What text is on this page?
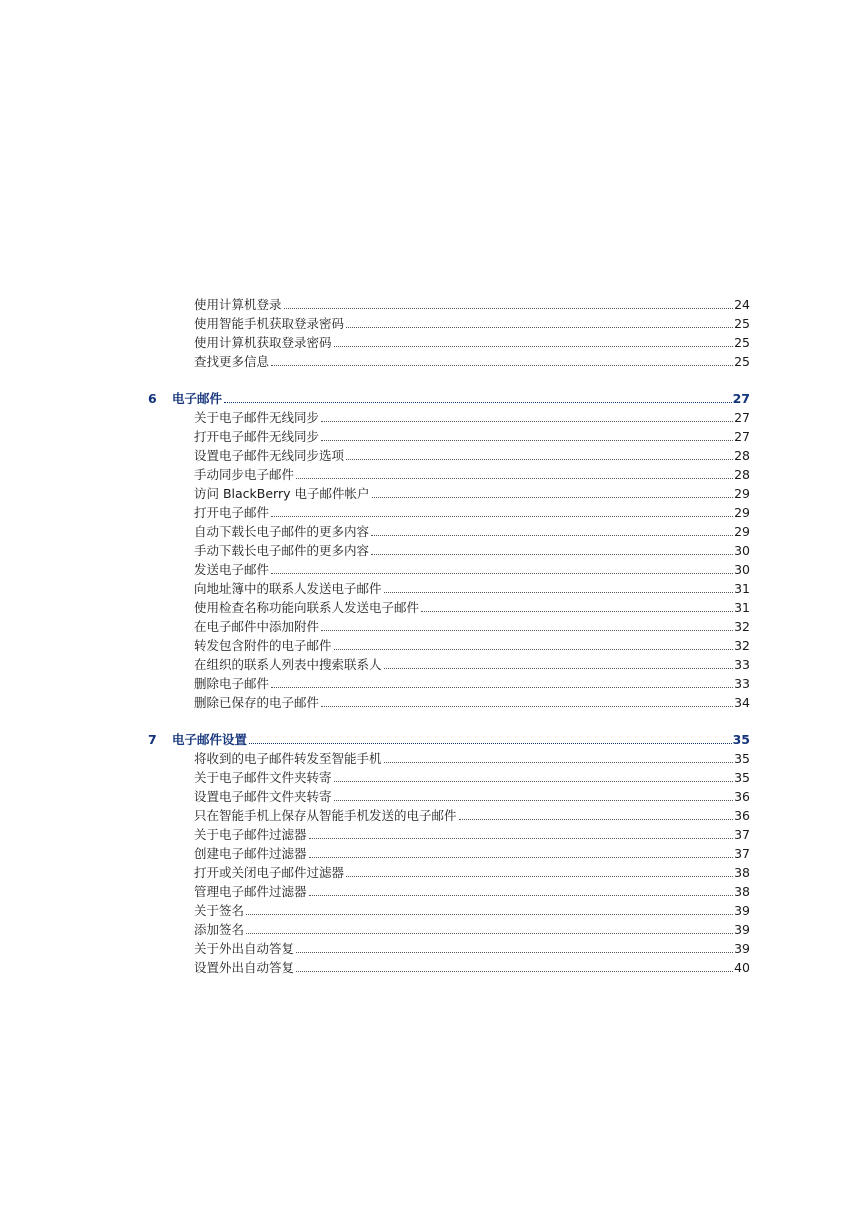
使用计算机登录	24
使用智能手机获取登录密码	25
使用计算机获取登录密码	25
查找更多信息	25
6	电子邮件	27
关于电子邮件无线同步	27
打开电子邮件无线同步	27
设置电子邮件无线同步选项	28
手动同步电子邮件	28
访问 BlackBerry 电子邮件帐户	29
打开电子邮件	29
自动下载长电子邮件的更多内容	29
手动下载长电子邮件的更多内容	30
发送电子邮件	30
向地址簿中的联系人发送电子邮件	31
使用检查名称功能向联系人发送电子邮件	31
在电子邮件中添加附件	32
转发包含附件的电子邮件	32
在组织的联系人列表中搜索联系人	33
删除电子邮件	33
删除已保存的电子邮件	34
7	电子邮件设置	35
将收到的电子邮件转发至智能手机	35
关于电子邮件文件夹转寄	35
设置电子邮件文件夹转寄	36
只在智能手机上保存从智能手机发送的电子邮件	36
关于电子邮件过滤器	37
创建电子邮件过滤器	37
打开或关闭电子邮件过滤器	38
管理电子邮件过滤器	38
关于签名	39
添加签名	39
关于外出自动答复	39
设置外出自动答复	40
